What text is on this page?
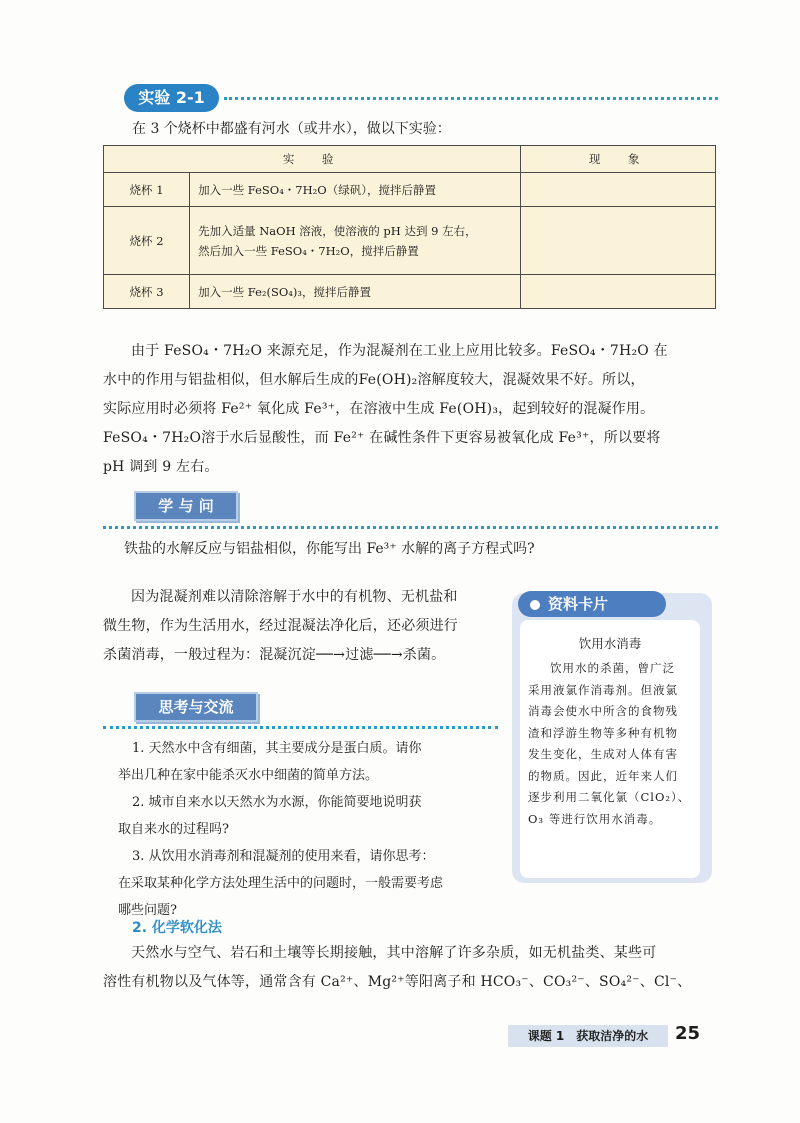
实验 2-1
在 3 个烧杯中都盛有河水（或井水），做以下实验：
实　验		现　象
烧杯 1	加入一些 FeSO₄・7H₂O（绿矾），搅拌后静置	
烧杯 2	先加入适量 NaOH 溶液，使溶液的 pH 达到 9 左右，
然后加入一些 FeSO₄・7H₂O，搅拌后静置	

烧杯 3	加入一些 Fe₂(SO₄)₃，搅拌后静置	
由于 FeSO₄・7H₂O 来源充足，作为混凝剂在工业上应用比较多。FeSO₄・7H₂O 在
水中的作用与铝盐相似，但水解后生成的Fe(OH)₂溶解度较大，混凝效果不好。所以，
实际应用时必须将 Fe²⁺ 氧化成 Fe³⁺，在溶液中生成 Fe(OH)₃，起到较好的混凝作用。
FeSO₄・7H₂O溶于水后显酸性，而 Fe²⁺ 在碱性条件下更容易被氧化成 Fe³⁺，所以要将
pH 调到 9 左右。
学 与 问
铁盐的水解反应与铝盐相似，你能写出 Fe³⁺ 水解的离子方程式吗?
因为混凝剂难以清除溶解于水中的有机物、无机盐和
微生物，作为生活用水，经过混凝法净化后，还必须进行
杀菌消毒，一般过程为：混凝沉淀──→过滤──→杀菌。
思考与交流
1. 天然水中含有细菌，其主要成分是蛋白质。请你
举出几种在家中能杀灭水中细菌的简单方法。
2. 城市自来水以天然水为水源，你能简要地说明获
取自来水的过程吗?
3. 从饮用水消毒剂和混凝剂的使用来看，请你思考：
在采取某种化学方法处理生活中的问题时，一般需要考虑
哪些问题?
资料卡片
饮用水消毒
饮用水的杀菌，曾广泛
采用液氯作消毒剂。但液氯
消毒会使水中所含的食物残
渣和浮游生物等多种有机物
发生变化，生成对人体有害
的物质。因此，近年来人们
逐步利用二氧化氯（ClO₂）、
O₃ 等进行饮用水消毒。
2. 化学软化法
天然水与空气、岩石和土壤等长期接触，其中溶解了许多杂质，如无机盐类、某些可
溶性有机物以及气体等，通常含有 Ca²⁺、Mg²⁺等阳离子和 HCO₃⁻、CO₃²⁻、SO₄²⁻、Cl⁻、
课题 1　获取洁净的水	25
